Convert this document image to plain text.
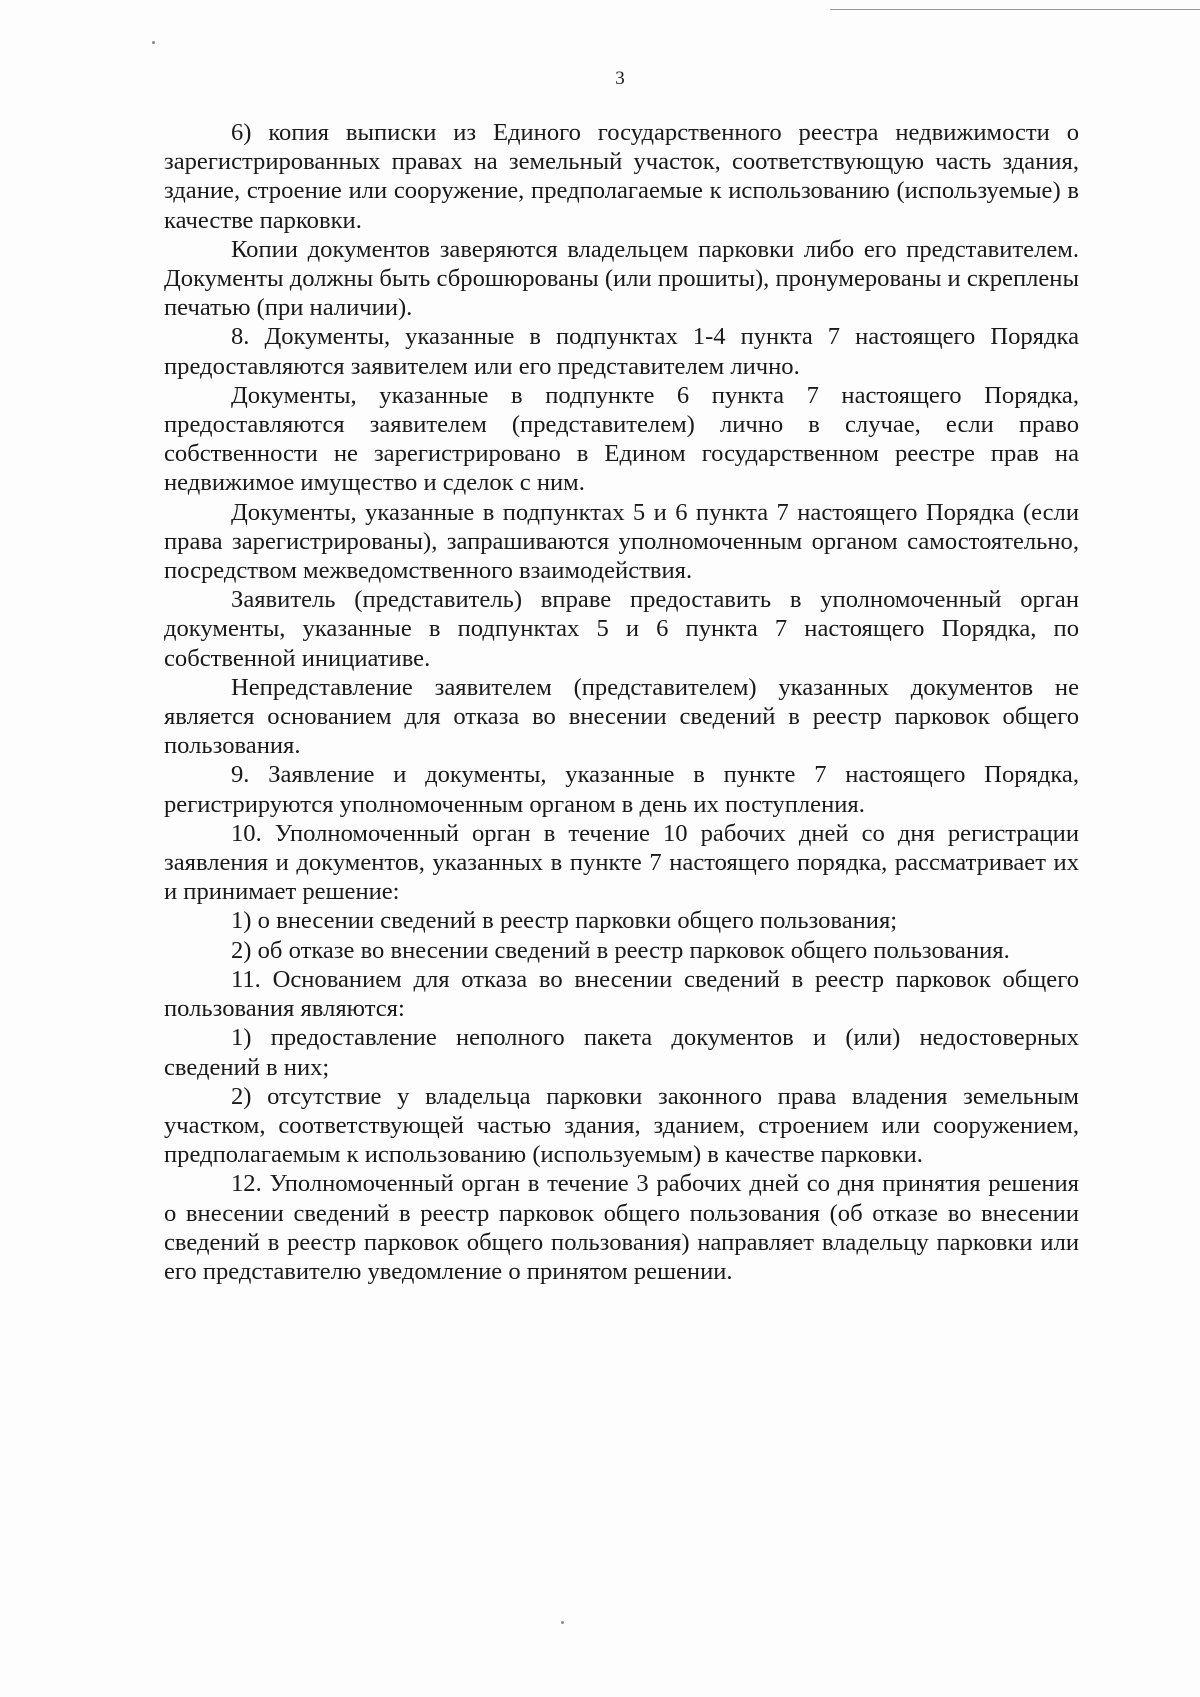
3

6) копия выписки из Единого государственного реестра недвижимости о зарегистрированных правах на земельный участок, соответствующую часть здания, здание, строение или сооружение, предполагаемые к использованию (используемые) в качестве парковки.

Копии документов заверяются владельцем парковки либо его представителем. Документы должны быть сброшюрованы (или прошиты), пронумерованы и скреплены печатью (при наличии).

8. Документы, указанные в подпунктах 1-4 пункта 7 настоящего Порядка предоставляются заявителем или его представителем лично.

Документы, указанные в подпункте 6 пункта 7 настоящего Порядка, предоставляются заявителем (представителем) лично в случае, если право собственности не зарегистрировано в Едином государственном реестре прав на недвижимое имущество и сделок с ним.

Документы, указанные в подпунктах 5 и 6 пункта 7 настоящего Порядка (если права зарегистрированы), запрашиваются уполномоченным органом самостоятельно, посредством межведомственного взаимодействия.

Заявитель (представитель) вправе предоставить в уполномоченный орган документы, указанные в подпунктах 5 и 6 пункта 7 настоящего Порядка, по собственной инициативе.

Непредставление заявителем (представителем) указанных документов не является основанием для отказа во внесении сведений в реестр парковок общего пользования.

9. Заявление и документы, указанные в пункте 7 настоящего Порядка, регистрируются уполномоченным органом в день их поступления.

10. Уполномоченный орган в течение 10 рабочих дней со дня регистрации заявления и документов, указанных в пункте 7 настоящего порядка, рассматривает их и принимает решение:

1) о внесении сведений в реестр парковки общего пользования;

2) об отказе во внесении сведений в реестр парковок общего пользования.

11. Основанием для отказа во внесении сведений в реестр парковок общего пользования являются:

1) предоставление неполного пакета документов и (или) недостоверных сведений в них;

2) отсутствие у владельца парковки законного права владения земельным участком, соответствующей частью здания, зданием, строением или сооружением, предполагаемым к использованию (используемым) в качестве парковки.

12. Уполномоченный орган в течение 3 рабочих дней со дня принятия решения о внесении сведений в реестр парковок общего пользования (об отказе во внесении сведений в реестр парковок общего пользования) направляет владельцу парковки или его представителю уведомление о принятом решении.
